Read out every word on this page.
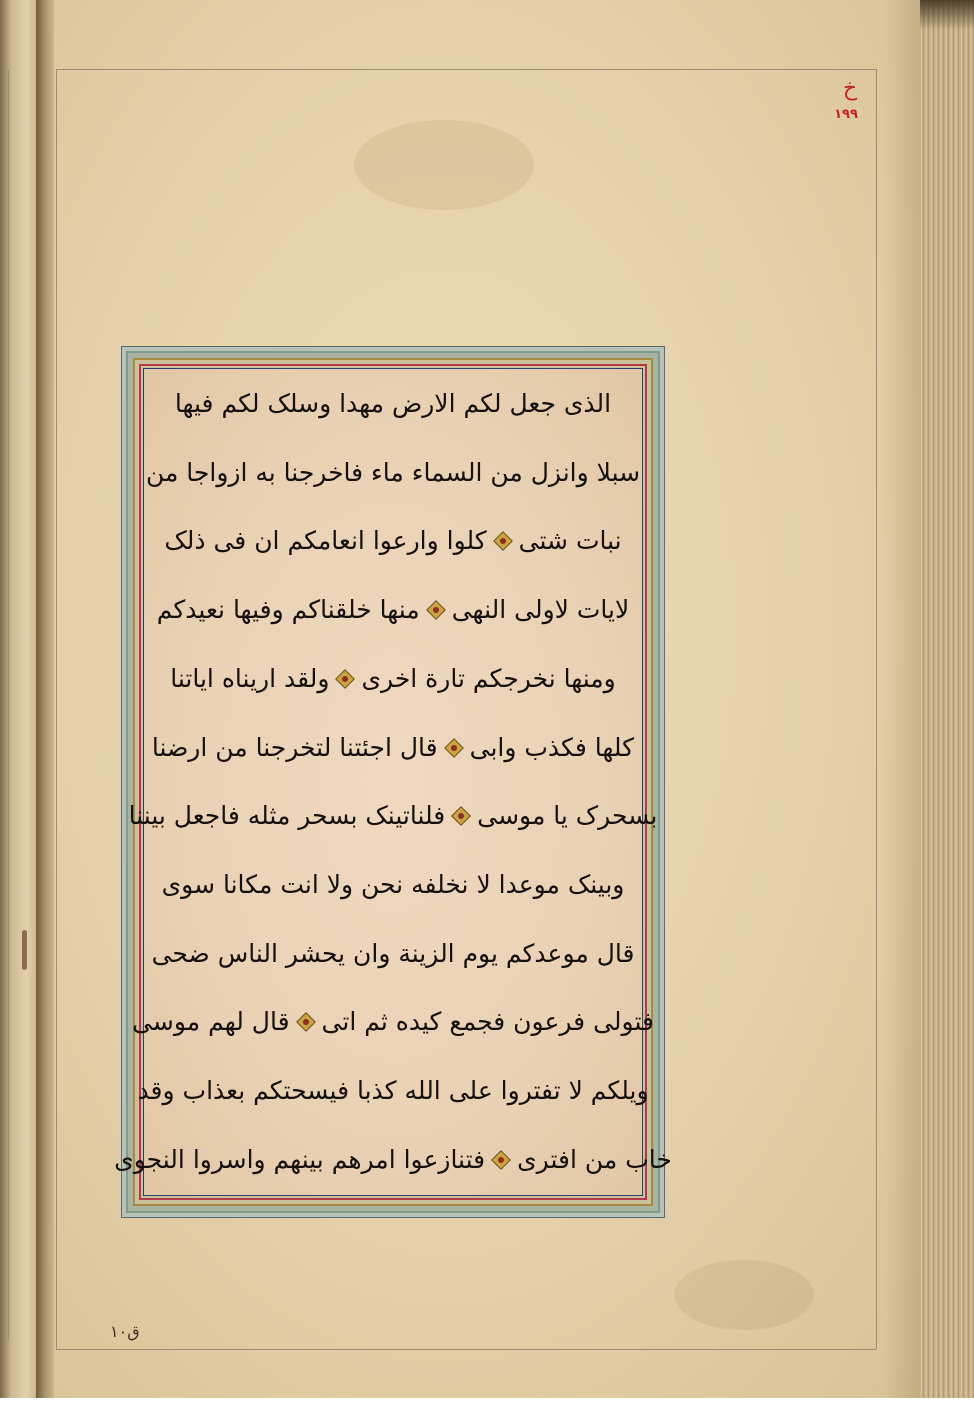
خ
١٩٩
الذی جعل لکم الارض مهدا وسلک لکم فیها
سبلا وانزل من السماء ماء فاخرجنا به ازواجا من
نبات شتی
کلوا وارعوا انعامکم ان فی ذلک
لایات لاولی النهی
منها خلقناکم وفیها نعیدکم
ومنها نخرجکم تارة اخری
ولقد اریناه ایاتنا
کلها فکذب وابی
قال اجئتنا لتخرجنا من ارضنا
بسحرک یا موسی
فلناتینک بسحر مثله فاجعل بیننا
وبینک موعدا لا نخلفه نحن ولا انت مکانا سوی
قال موعدکم یوم الزینة وان یحشر الناس ضحی
فتولی فرعون فجمع کیده ثم اتی
قال لهم موسی
ویلکم لا تفتروا علی الله کذبا فیسحتکم بعذاب وقد
خاب من افتری
فتنازعوا امرهم بینهم واسروا النجوی
ق١٠
